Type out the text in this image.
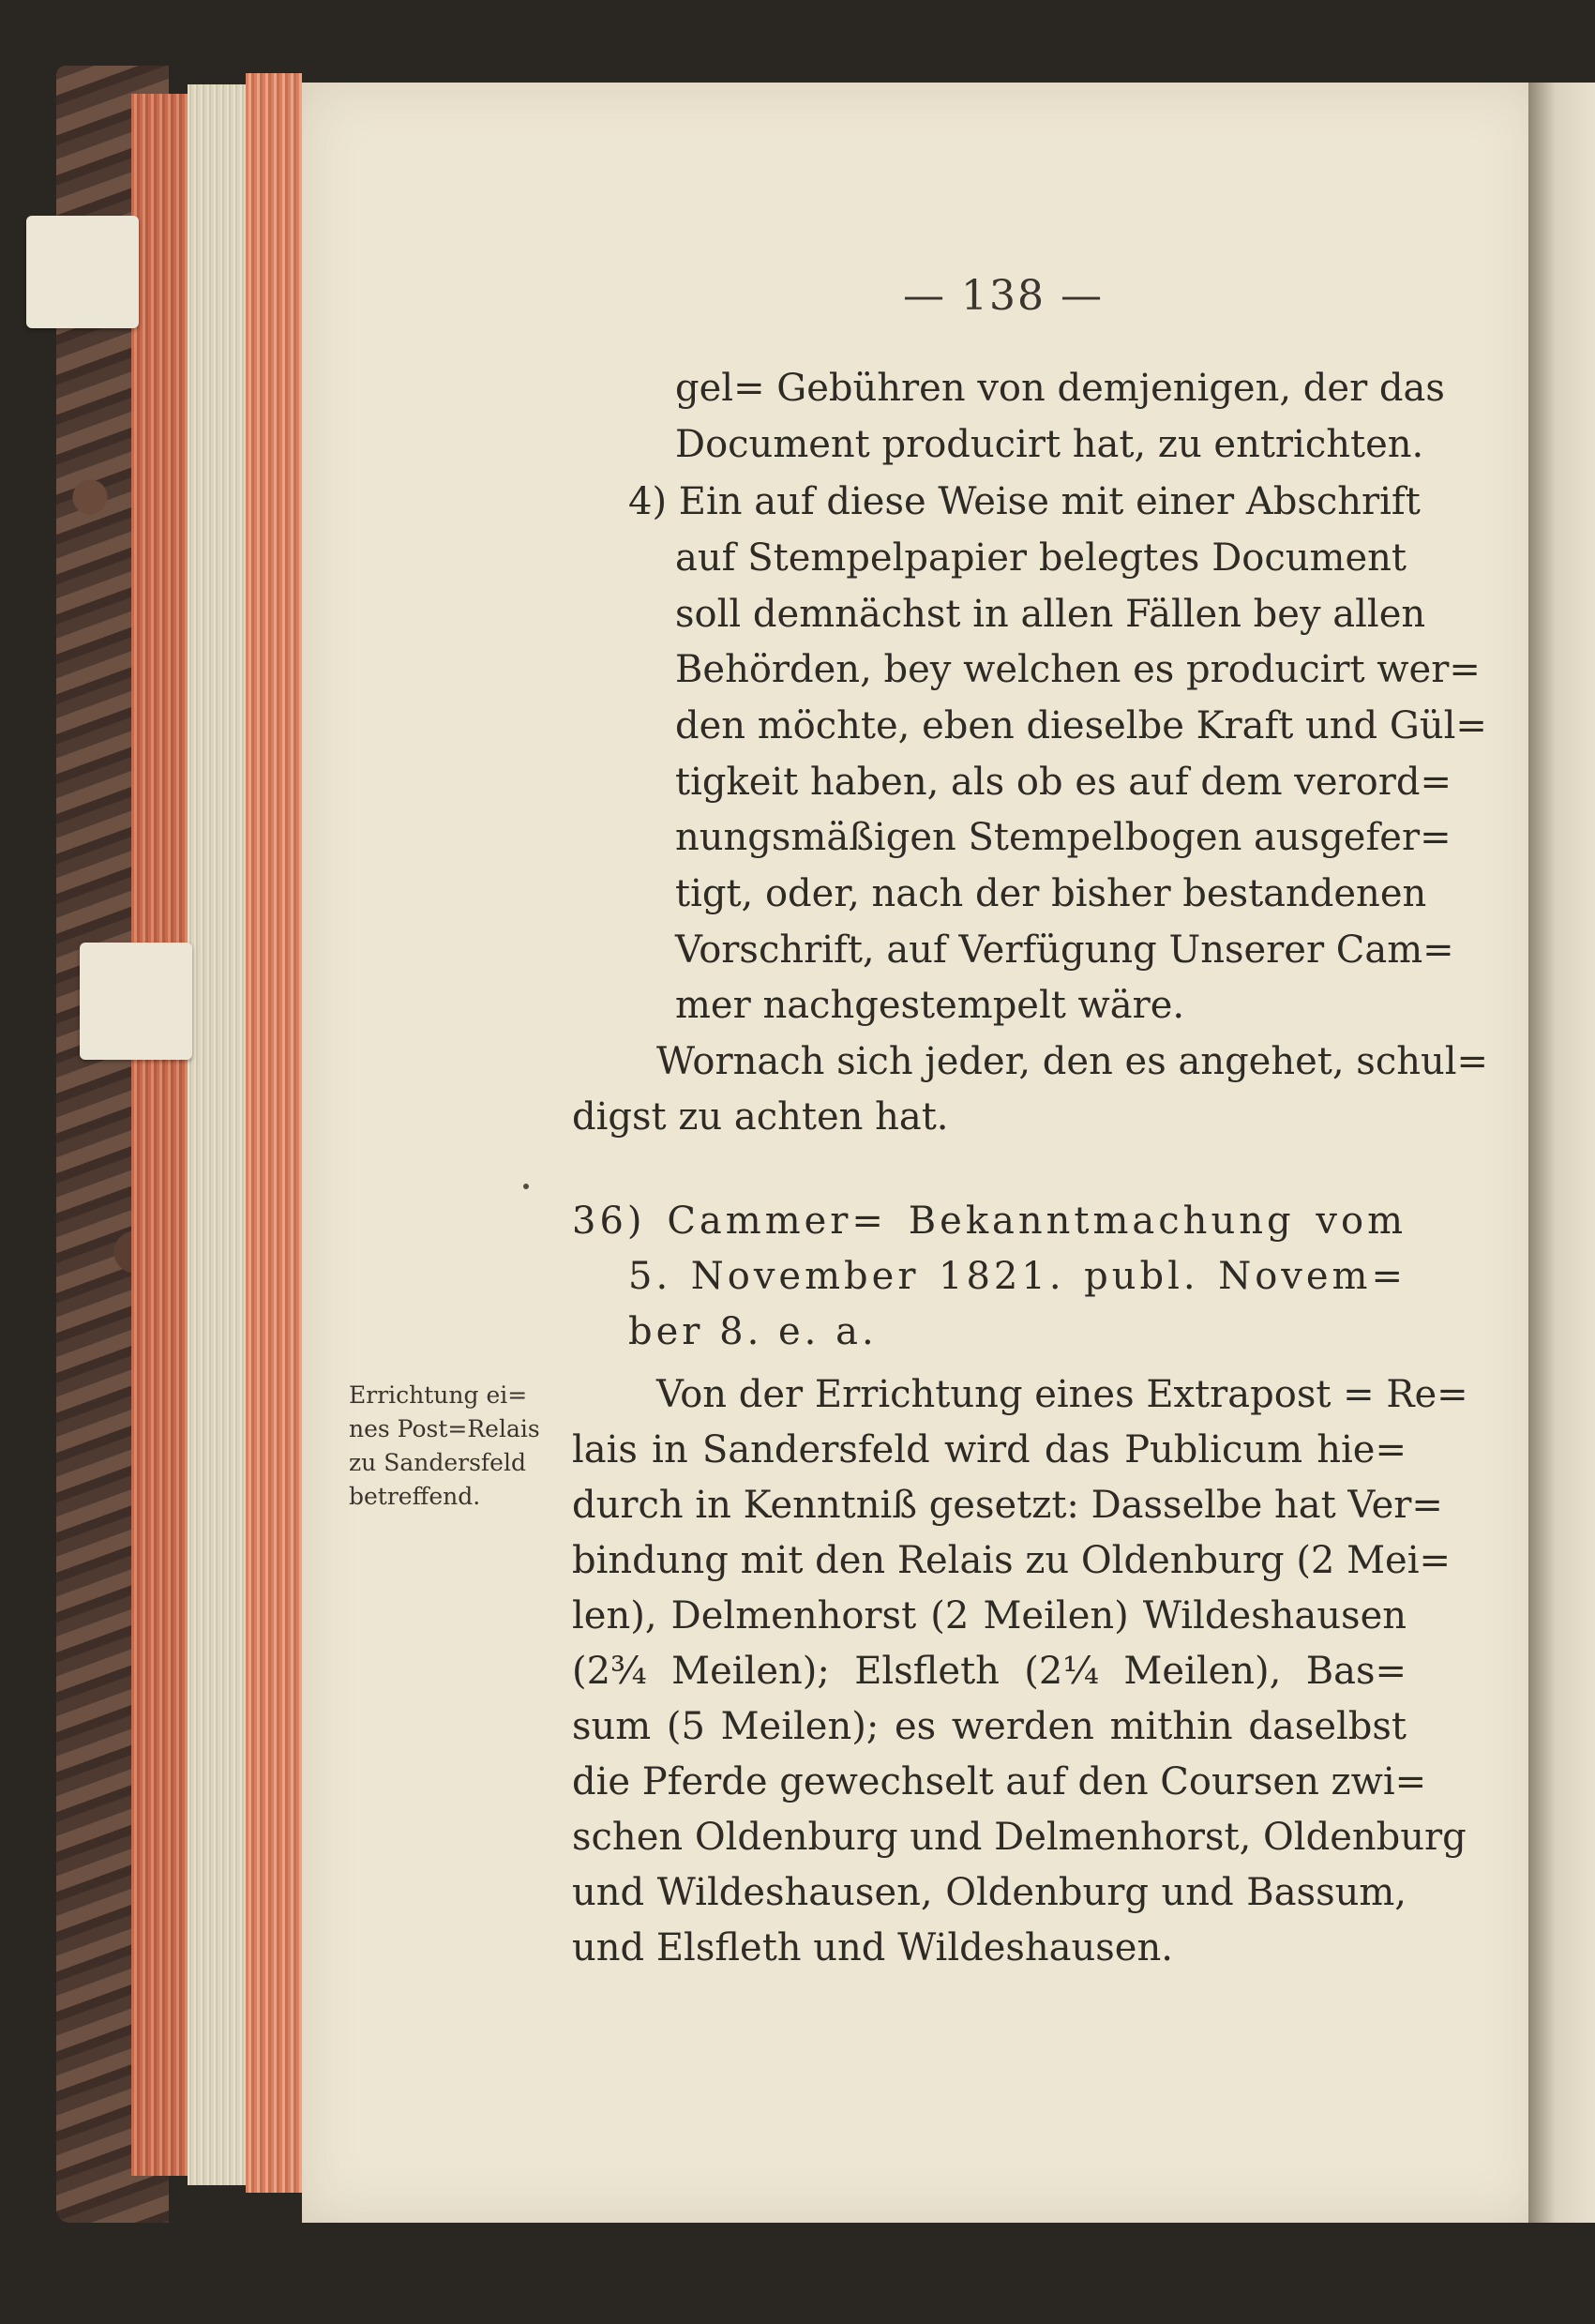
— 138 —
gel= Gebühren von demjenigen, der das
Document producirt hat, zu entrichten.
4) Ein auf diese Weise mit einer Abschrift
auf Stempelpapier belegtes Document
soll demnächst in allen Fällen bey allen
Behörden, bey welchen es producirt wer=
den möchte, eben dieselbe Kraft und Gül=
tigkeit haben, als ob es auf dem verord=
nungsmäßigen Stempelbogen ausgefer=
tigt, oder, nach der bisher bestandenen
Vorschrift, auf Verfügung Unserer Cam=
mer nachgestempelt wäre.
Wornach sich jeder, den es angehet, schul=
digst zu achten hat.
36) Cammer= Bekanntmachung vom
5. November 1821. publ. Novem=
ber 8. e. a.
Von der Errichtung eines Extrapost = Re=
lais in Sandersfeld wird das Publicum hie=
durch in Kenntniß gesetzt: Dasselbe hat Ver=
bindung mit den Relais zu Oldenburg (2 Mei=
len), Delmenhorst (2 Meilen) Wildeshausen
(2¾ Meilen); Elsfleth (2¼ Meilen), Bas=
sum (5 Meilen); es werden mithin daselbst
die Pferde gewechselt auf den Coursen zwi=
schen Oldenburg und Delmenhorst, Oldenburg
und Wildeshausen, Oldenburg und Bassum,
und Elsfleth und Wildeshausen.
Errichtung ei=
nes Post=Relais
zu Sandersfeld
betreffend.
